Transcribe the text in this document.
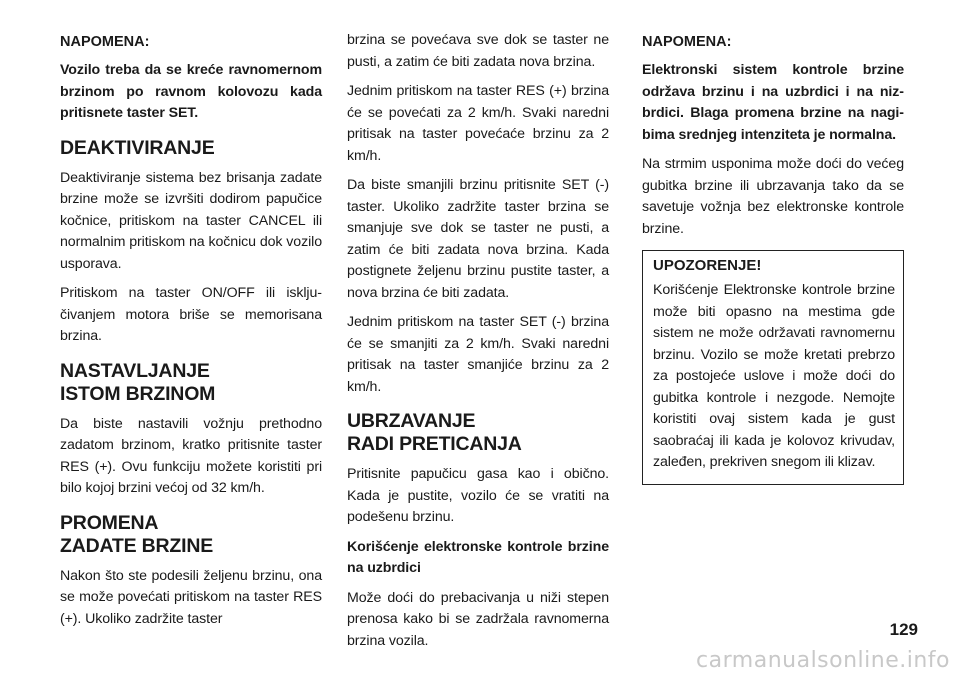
NAPOMENA:

Vozilo treba da se kreće ravnomernom brzinom po ravnom kolovozu kada pritisnete taster SET.

DEAKTIVIRANJE

Deaktiviranje sistema bez brisanja zadate brzine može se izvršiti dodirom papučice kočnice, pritiskom na taster CANCEL ili normalnim pritiskom na kočnicu dok vozilo usporava.

Pritiskom na taster ON/OFF ili isključivanjem motora briše se memorisana brzina.

NASTAVLJANJE
ISTOM BRZINOM

Da biste nastavili vožnju prethodno zadatom brzinom, kratko pritisnite taster RES (+). Ovu funkciju možete koristiti pri bilo kojoj brzini većoj od 32 km/h.

PROMENA
ZADATE BRZINE

Nakon što ste podesili željenu brzinu, ona se može povećati pritiskom na taster RES (+). Ukoliko zadržite taster

brzina se povećava sve dok se taster ne pusti, a zatim će biti zadata nova brzina.

Jednim pritiskom na taster RES (+) brzina će se povećati za 2 km/h. Svaki naredni pritisak na taster povećaće brzinu za 2 km/h.

Da biste smanjili brzinu pritisnite SET (-) taster. Ukoliko zadržite taster brzina se smanjuje sve dok se taster ne pusti, a zatim će biti zadata nova brzina. Kada postignete željenu brzinu pustite taster, a nova brzina će biti zadata.

Jednim pritiskom na taster SET (-) brzina će se smanjiti za 2 km/h. Svaki naredni pritisak na taster smanjiće brzinu za 2 km/h.

UBRZAVANJE
RADI PRETICANJA

Pritisnite papučicu gasa kao i obično. Kada je pustite, vozilo će se vratiti na podešenu brzinu.

Korišćenje elektronske kontrole brzine na uzbrdici

Može doći do prebacivanja u niži stepen prenosa kako bi se zadržala ravnomerna brzina vozila.

NAPOMENA:

Elektronski sistem kontrole brzine održava brzinu i na uzbrdici i na nizbrdici. Blaga promena brzine na nagibima srednjeg intenziteta je normalna.

Na strmim usponima može doći do većeg gubitka brzine ili ubrzavanja tako da se savetuje vožnja bez elektronske kontrole brzine.

UPOZORENJE!

Korišćenje Elektronske kontrole brzine može biti opasno na mestima gde sistem ne može održavati ravnomernu brzinu. Vozilo se može kretati prebrzo za postojeće uslove i može doći do gubitka kontrole i nezgode. Nemojte koristiti ovaj sistem kada je gust saobraćaj ili kada je kolovoz krivudav, zaleđen, prekriven snegom ili klizav.

129
carmanualsonline.info
